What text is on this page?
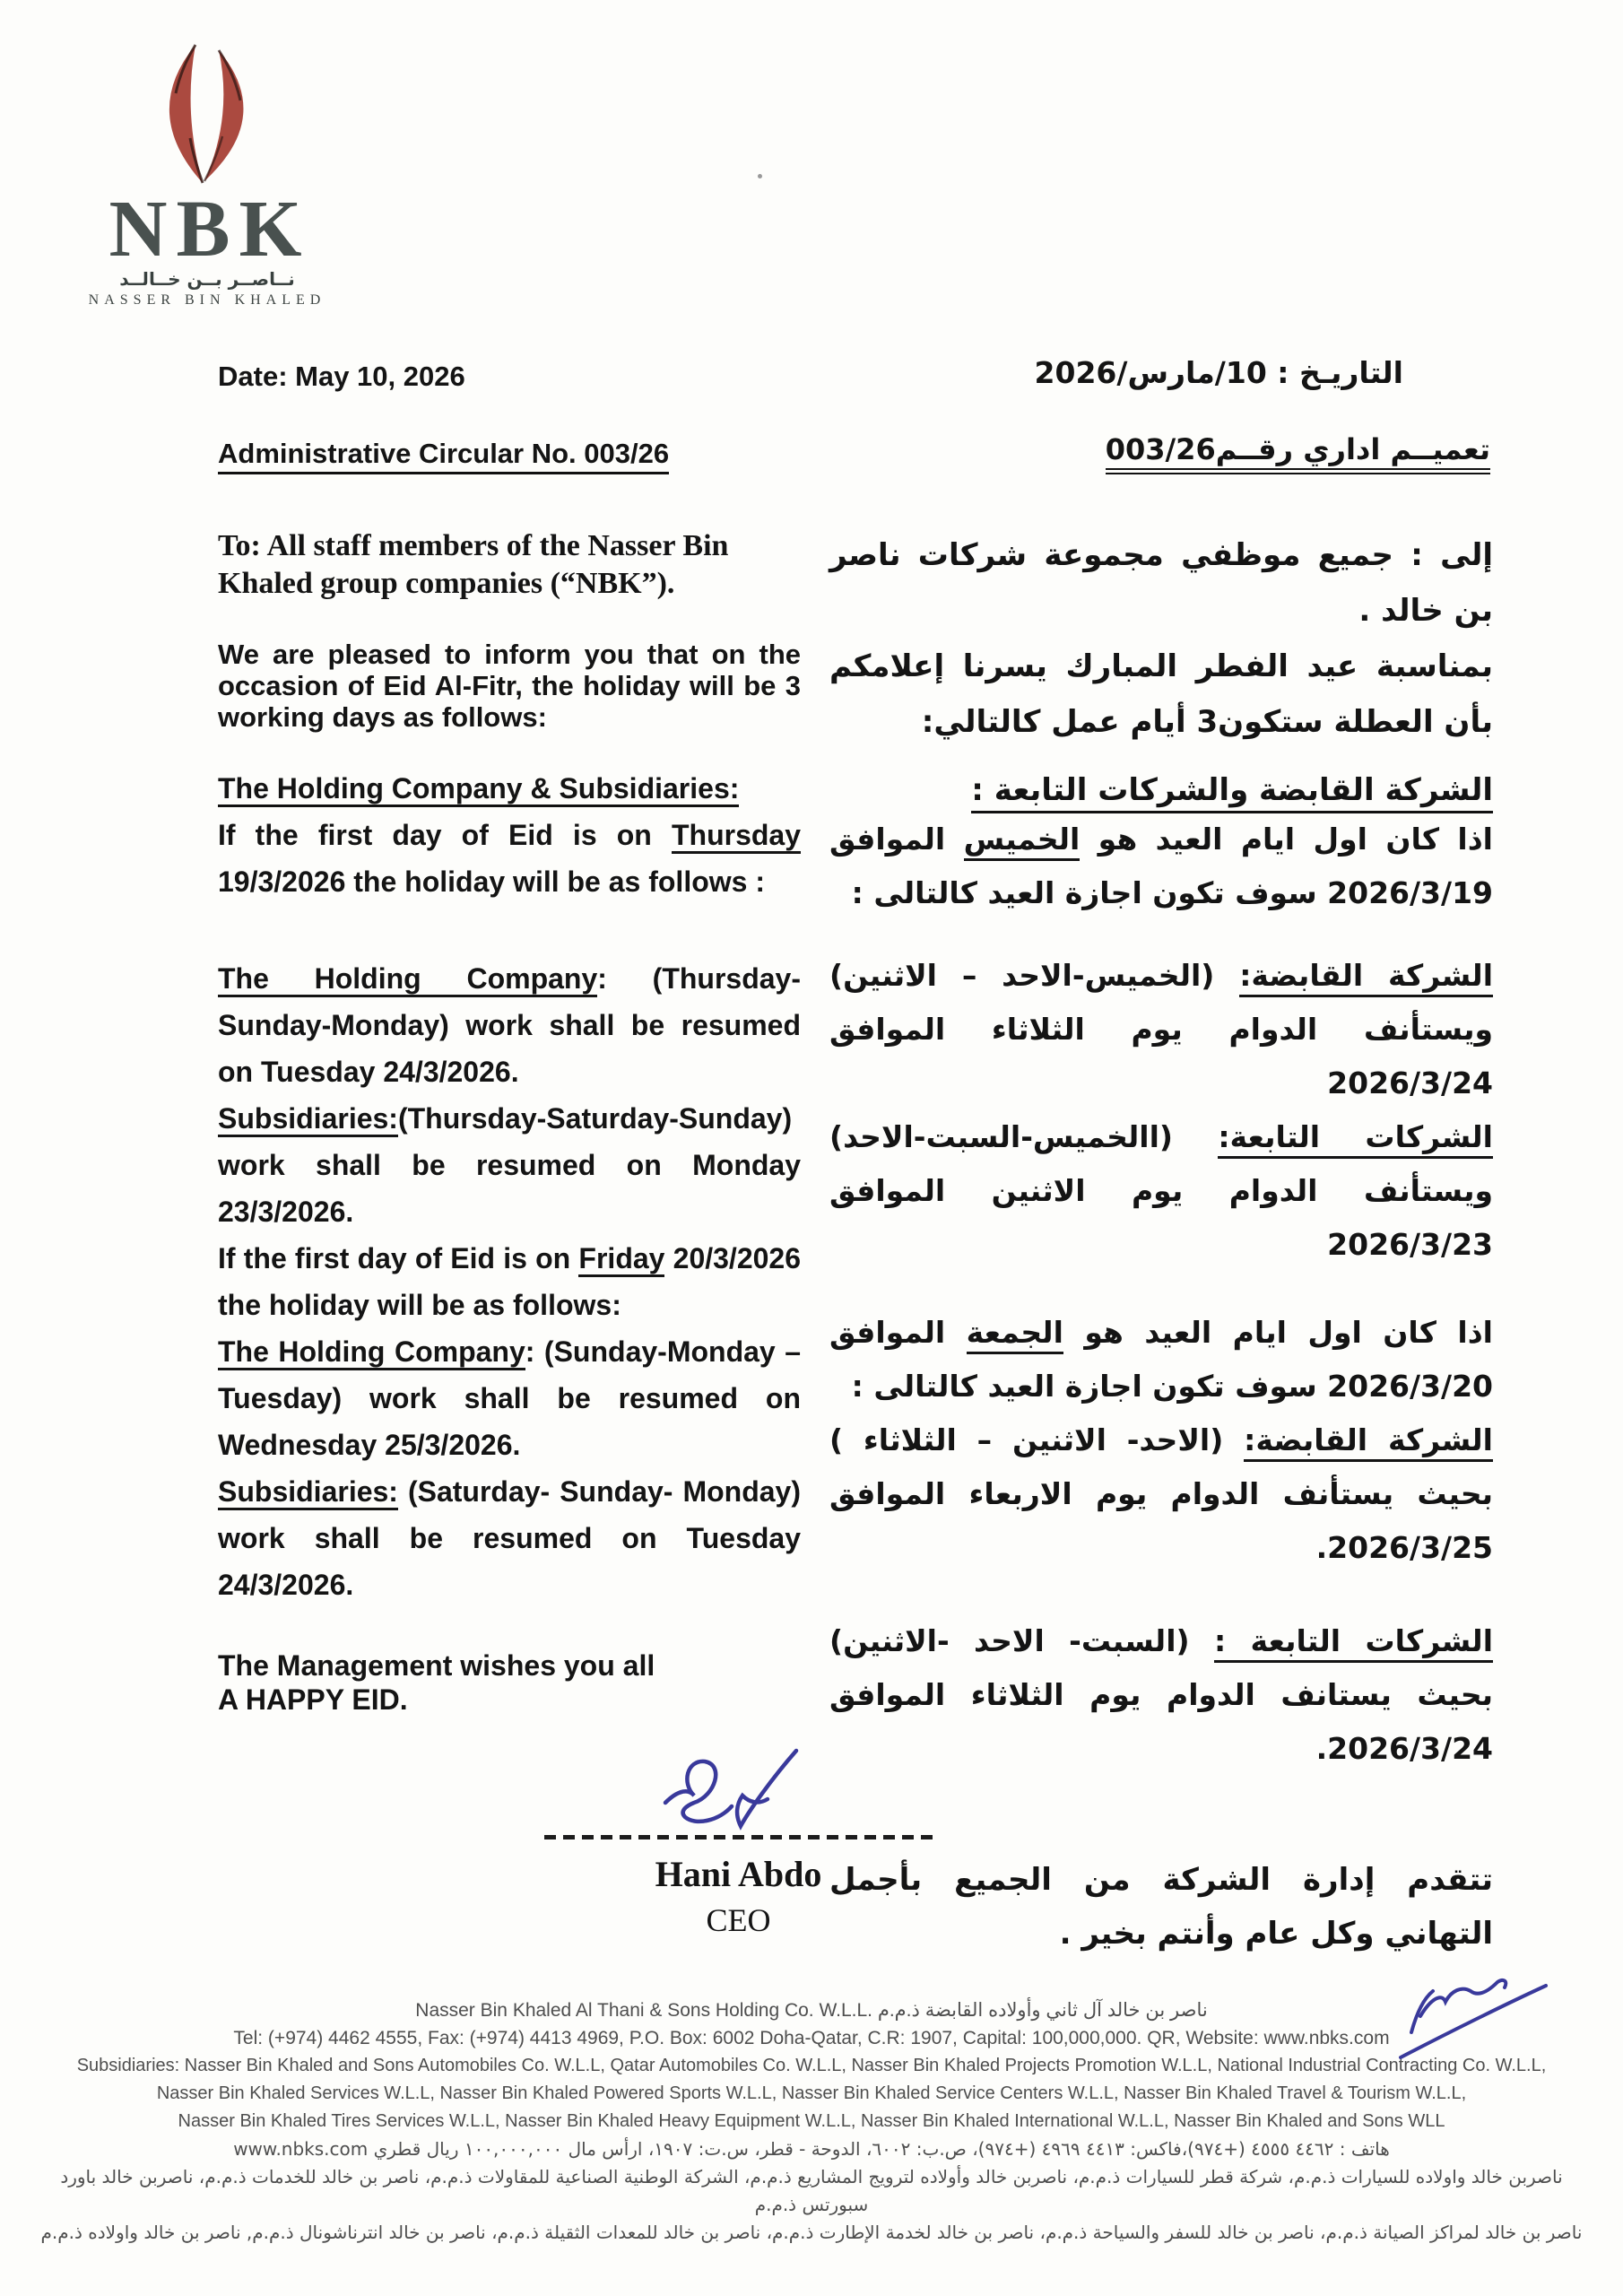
NBK
نــاصــر بــن خــالــد
NASSER BIN KHALED
Date: May 10, 2026	التاريـخ : 10/مارس/2026
Administrative Circular No. 003/26	تعميــم اداري رقــم003/26

To: All staff members of the Nasser Bin Khaled group companies (“NBK”).

We are pleased to inform you that on the occasion of Eid Al-Fitr, the holiday will be 3 working days as follows:

The Holding Company & Subsidiaries:

If the first day of Eid is on Thursday 19/3/2026 the holiday will be as follows :

The Holding Company: (Thursday-Sunday-Monday) work shall be resumed on Tuesday 24/3/2026.

Subsidiaries:(Thursday-Saturday-Sunday) work shall be resumed on Monday 23/3/2026.

If the first day of Eid is on Friday 20/3/2026 the holiday will be as follows:

The Holding Company: (Sunday-Monday – Tuesday) work shall be resumed on Wednesday 25/3/2026.

Subsidiaries: (Saturday- Sunday- Monday) work shall be resumed on Tuesday 24/3/2026.

The Management wishes you all
A HAPPY EID.

إلى : جميع موظفي مجموعة شركات ناصر بن خالد .

بمناسبة عيد الفطر المبارك يسرنا إعلامكم بأن العطلة ستكون3 أيام عمل كالتالي:

الشركة القابضة والشركات التابعة :

اذا كان اول ايام العيد هو الخميس الموافق 2026/3/19 سوف تكون اجازة العيد كالتالى :

الشركة القابضة: (الخميس-الاحد – الاثنين) ويستأنف الدوام يوم الثلاثاء الموافق 2026/3/24

الشركات التابعة: (االخميس-السبت-الاحد) ويستأنف الدوام يوم الاثنين الموافق 2026/3/23

اذا كان اول ايام العيد هو الجمعة الموافق 2026/3/20 سوف تكون اجازة العيد كالتالى :

الشركة القابضة: (الاحد- الاثنين – الثلاثاء ) بحيث يستأنف الدوام يوم الاربعاء الموافق 2026/3/25.

الشركات التابعة : (السبت- الاحد -الاثنين) بحيث يستانف الدوام يوم الثلاثاء الموافق 2026/3/24.

تتقدم إدارة الشركة من الجميع بأجمل التهاني وكل عام وأنتم بخير .

Hani Abdo
CEO
Nasser Bin Khaled Al Thani & Sons Holding Co. W.L.L. ناصر بن خالد آل ثاني وأولاده القابضة ذ.م.م
Tel: (+974) 4462 4555, Fax: (+974) 4413 4969, P.O. Box: 6002 Doha-Qatar, C.R: 1907, Capital: 100,000,000. QR, Website: www.nbks.com
Subsidiaries: Nasser Bin Khaled and Sons Automobiles Co. W.L.L, Qatar Automobiles Co. W.L.L, Nasser Bin Khaled Projects Promotion W.L.L, National Industrial Contracting Co. W.L.L,
Nasser Bin Khaled Services W.L.L, Nasser Bin Khaled Powered Sports W.L.L, Nasser Bin Khaled Service Centers W.L.L, Nasser Bin Khaled Travel & Tourism W.L.L,
Nasser Bin Khaled Tires Services W.L.L, Nasser Bin Khaled Heavy Equipment W.L.L, Nasser Bin Khaled International W.L.L, Nasser Bin Khaled and Sons WLL
هاتف : ٤٤٦٢ ٤٥٥٥ (+٩٧٤)،فاكس: ٤٤١٣ ٤٩٦٩ (+٩٧٤)، ص.ب: ٦٠٠٢، الدوحة - قطر، س.ت: ١٩٠٧، ارأس مال ١٠٠,٠٠٠,٠٠٠ ريال قطري www.nbks.com
ناصربن خالد واولاده للسيارات ذ.م.م، شركة قطر للسيارات ذ.م.م، ناصربن خالد وأولاده لترويج المشاريع ذ.م.م، الشركة الوطنية الصناعية للمقاولات ذ.م.م، ناصر بن خالد للخدمات ذ.م.م، ناصربن خالد باورد سبورتس ذ.م.م
ناصر بن خالد لمراكز الصيانة ذ.م.م، ناصر بن خالد للسفر والسياحة ذ.م.م، ناصر بن خالد لخدمة الإطارت ذ.م.م، ناصر بن خالد للمعدات الثقيلة ذ.م.م، ناصر بن خالد انترناشونال ذ.م.م, ناصر بن خالد واولاده ذ.م.م
